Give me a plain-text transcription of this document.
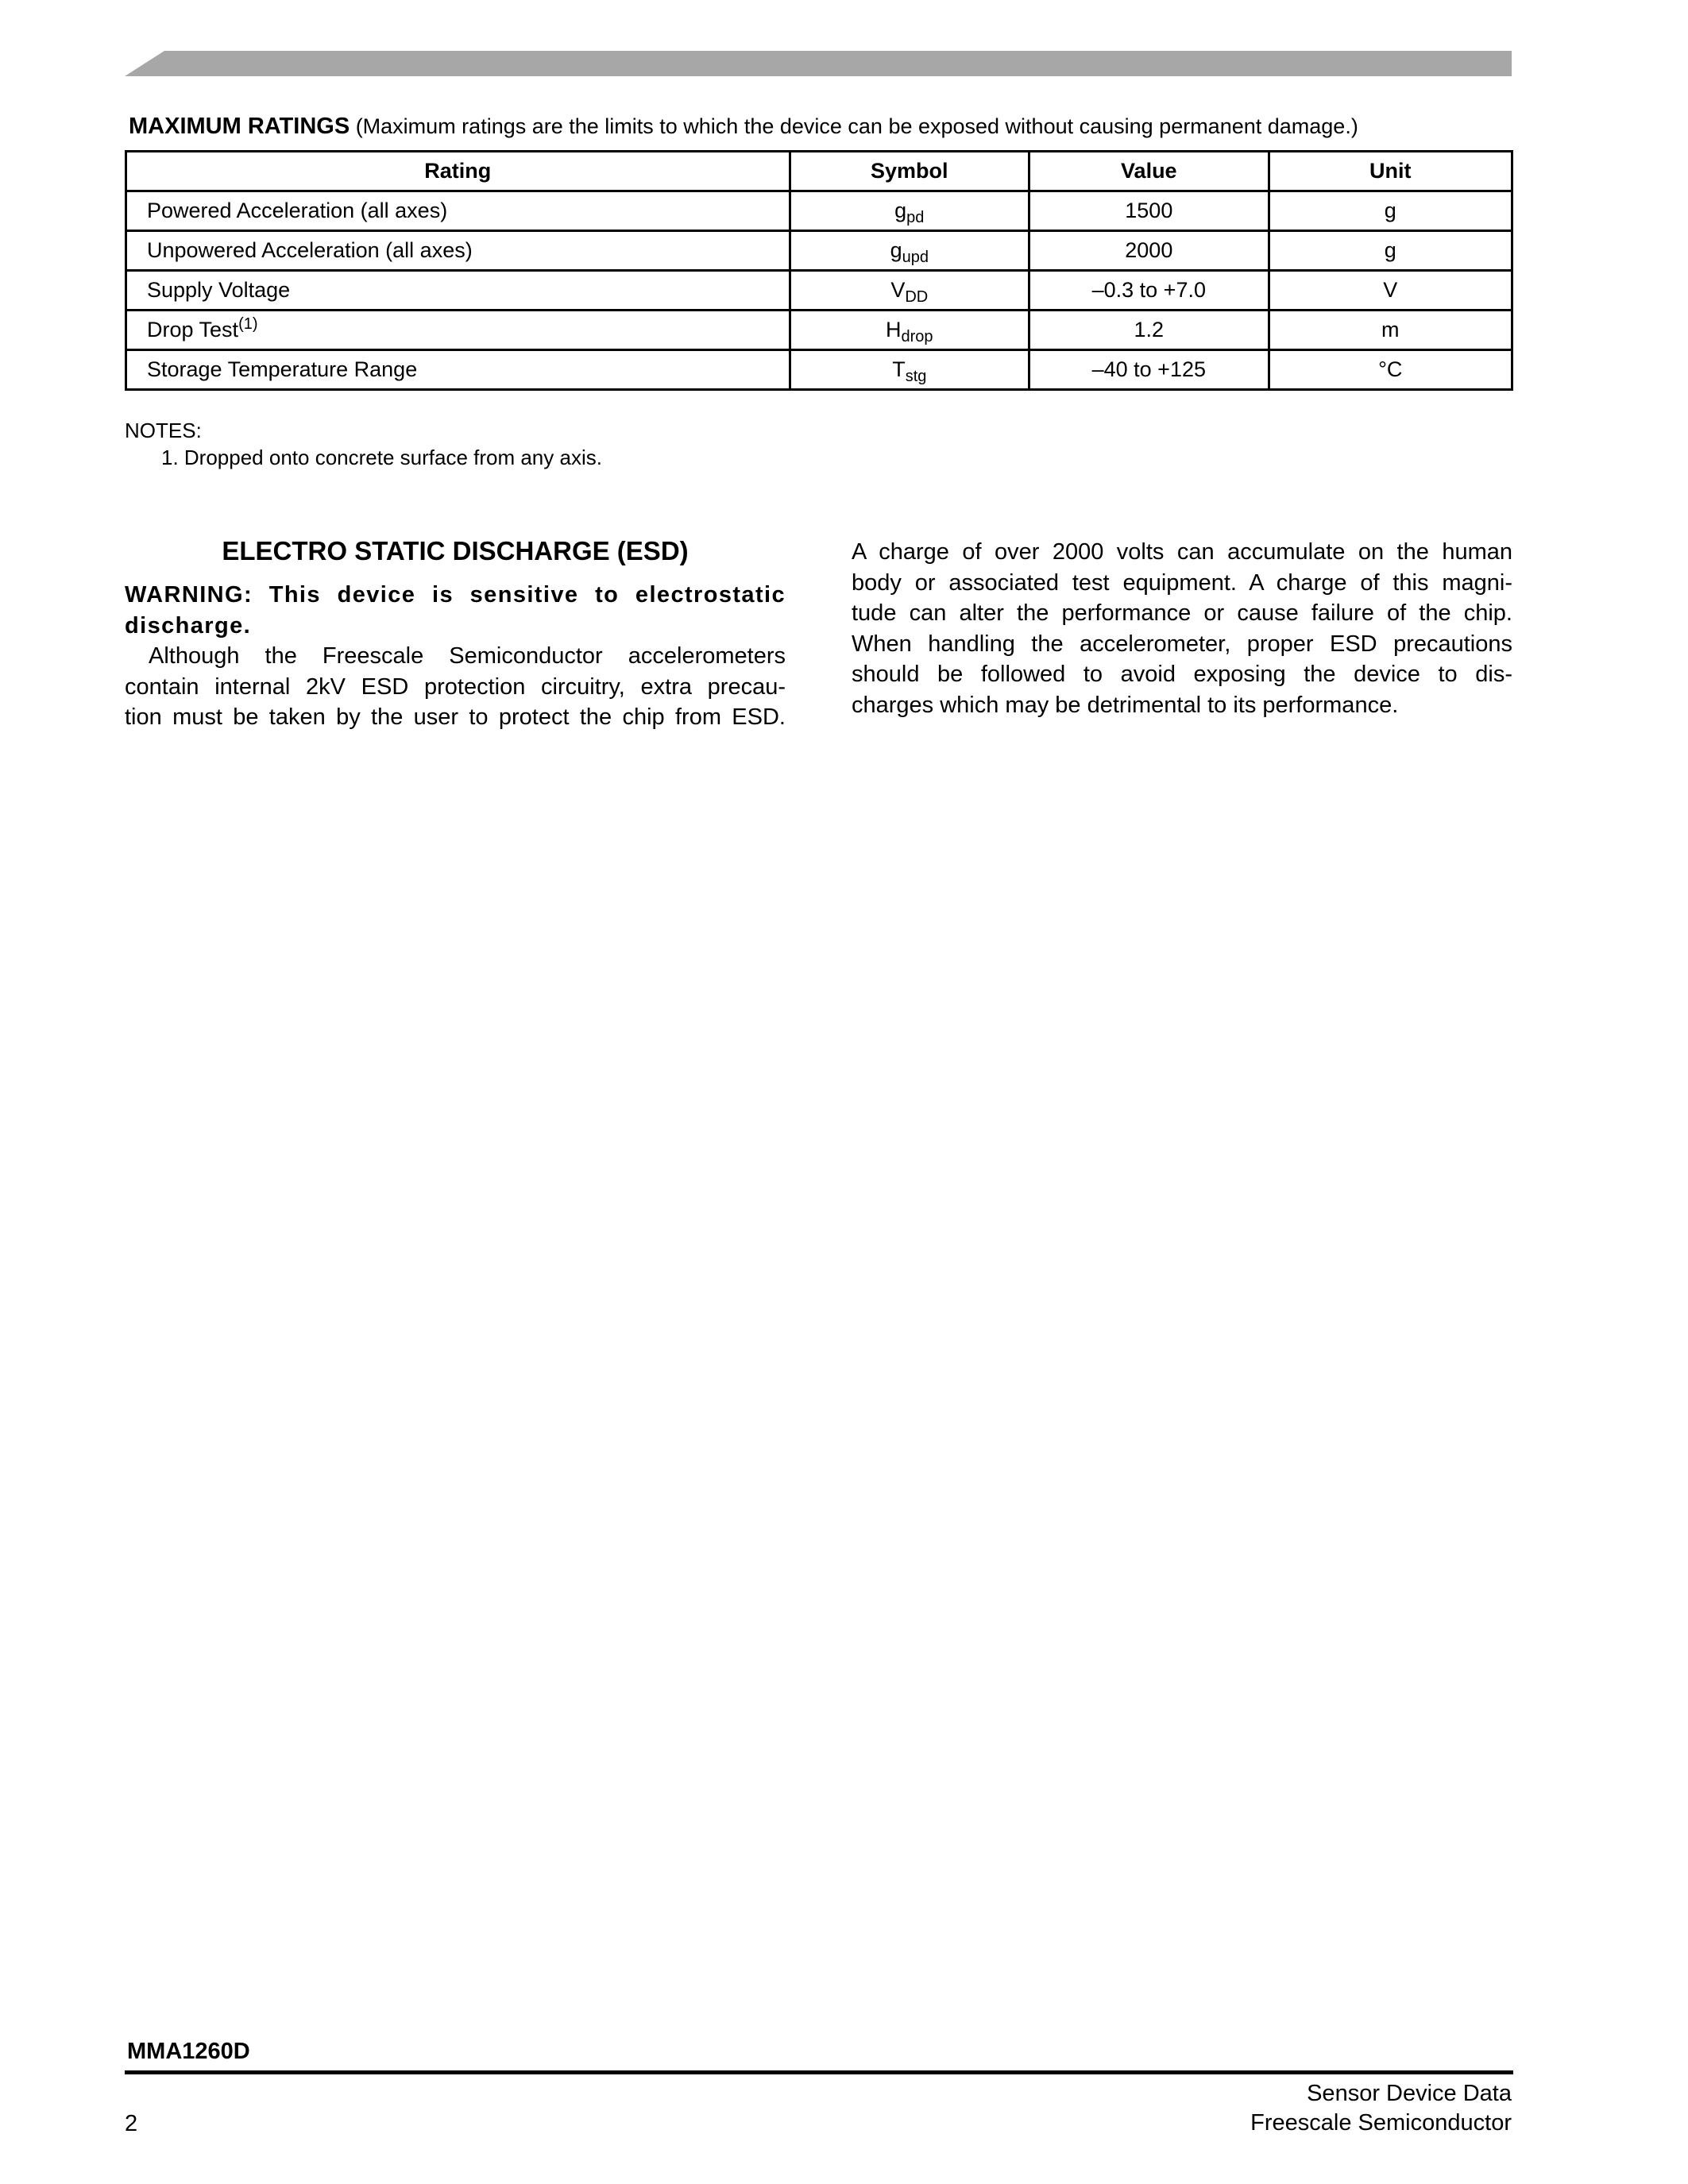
MAXIMUM RATINGS (Maximum ratings are the limits to which the device can be exposed without causing permanent damage.)
Rating	Symbol	Value	Unit
Powered Acceleration (all axes)	$g_{pd}$	1500	g
Unpowered Acceleration (all axes)	$g_{upd}$	2000	g
Supply Voltage	$V_{DD}$	–0.3 to +7.0	V
Drop Test$^{(1)}$	$H_{drop}$	1.2	m
Storage Temperature Range	$T_{stg}$	–40 to +125	°C
NOTES:
1. Dropped onto concrete surface from any axis.
ELECTRO STATIC DISCHARGE (ESD)
WARNING: This device is sensitive to electrostatic
discharge.
Although the Freescale Semiconductor accelerometers
contain internal 2kV ESD protection circuitry, extra precau-
tion must be taken by the user to protect the chip from ESD.
A charge of over 2000 volts can accumulate on the human
body or associated test equipment. A charge of this magni-
tude can alter the performance or cause failure of the chip.
When handling the accelerometer, proper ESD precautions
should be followed to avoid exposing the device to dis-
charges which may be detrimental to its performance.
MMA1260D
2
Sensor Device Data
Freescale Semiconductor
